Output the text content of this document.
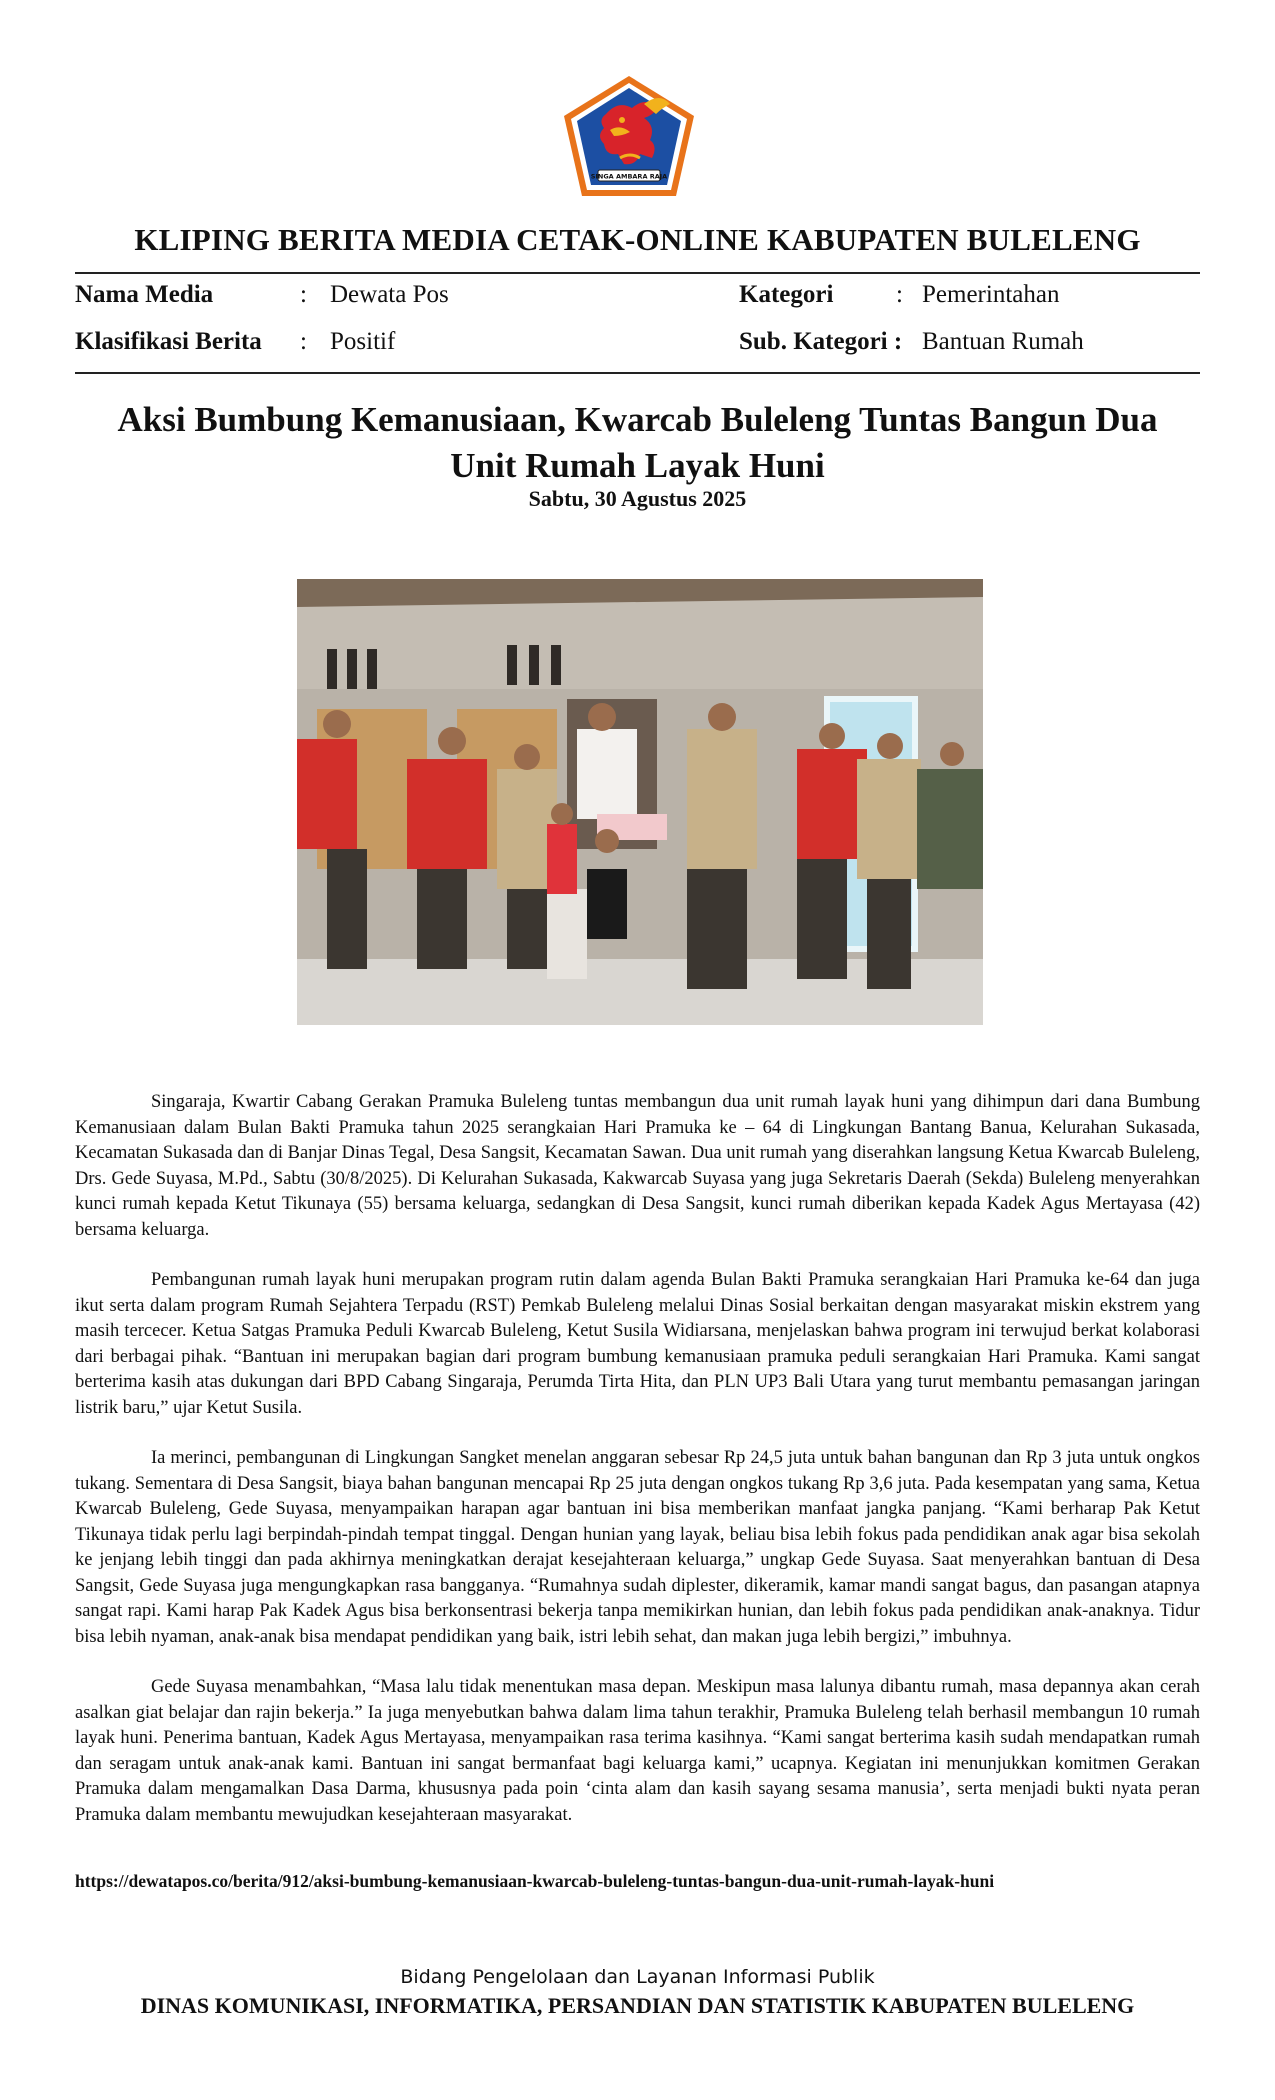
SINGA AMBARA RAJA
KLIPING BERITA MEDIA CETAK-ONLINE KABUPATEN BULELENG
Nama Media	: Dewata Pos
Klasifikasi Berita : Positif
Kategori	: Pemerintahan
Sub. Kategori : Bantuan Rumah
Aksi Bumbung Kemanusiaan, Kwarcab Buleleng Tuntas Bangun Dua Unit Rumah Layak Huni
Sabtu, 30 Agustus 2025

Singaraja, Kwartir Cabang Gerakan Pramuka Buleleng tuntas membangun dua unit rumah layak huni yang dihimpun dari dana Bumbung Kemanusiaan dalam Bulan Bakti Pramuka tahun 2025 serangkaian Hari Pramuka ke – 64 di Lingkungan Bantang Banua, Kelurahan Sukasada, Kecamatan Sukasada dan di Banjar Dinas Tegal, Desa Sangsit, Kecamatan Sawan. Dua unit rumah yang diserahkan langsung Ketua Kwarcab Buleleng, Drs. Gede Suyasa, M.Pd., Sabtu (30/8/2025). Di Kelurahan Sukasada, Kakwarcab Suyasa yang juga Sekretaris Daerah (Sekda) Buleleng menyerahkan kunci rumah kepada Ketut Tikunaya (55) bersama keluarga, sedangkan di Desa Sangsit, kunci rumah diberikan kepada Kadek Agus Mertayasa (42) bersama keluarga.

Pembangunan rumah layak huni merupakan program rutin dalam agenda Bulan Bakti Pramuka serangkaian Hari Pramuka ke-64 dan juga ikut serta dalam program Rumah Sejahtera Terpadu (RST) Pemkab Buleleng melalui Dinas Sosial berkaitan dengan masyarakat miskin ekstrem yang masih tercecer. Ketua Satgas Pramuka Peduli Kwarcab Buleleng, Ketut Susila Widiarsana, menjelaskan bahwa program ini terwujud berkat kolaborasi dari berbagai pihak. “Bantuan ini merupakan bagian dari program bumbung kemanusiaan pramuka peduli serangkaian Hari Pramuka. Kami sangat berterima kasih atas dukungan dari BPD Cabang Singaraja, Perumda Tirta Hita, dan PLN UP3 Bali Utara yang turut membantu pemasangan jaringan listrik baru,” ujar Ketut Susila.

Ia merinci, pembangunan di Lingkungan Sangket menelan anggaran sebesar Rp 24,5 juta untuk bahan bangunan dan Rp 3 juta untuk ongkos tukang. Sementara di Desa Sangsit, biaya bahan bangunan mencapai Rp 25 juta dengan ongkos tukang Rp 3,6 juta. Pada kesempatan yang sama, Ketua Kwarcab Buleleng, Gede Suyasa, menyampaikan harapan agar bantuan ini bisa memberikan manfaat jangka panjang. “Kami berharap Pak Ketut Tikunaya tidak perlu lagi berpindah-pindah tempat tinggal. Dengan hunian yang layak, beliau bisa lebih fokus pada pendidikan anak agar bisa sekolah ke jenjang lebih tinggi dan pada akhirnya meningkatkan derajat kesejahteraan keluarga,” ungkap Gede Suyasa. Saat menyerahkan bantuan di Desa Sangsit, Gede Suyasa juga mengungkapkan rasa bangganya. “Rumahnya sudah diplester, dikeramik, kamar mandi sangat bagus, dan pasangan atapnya sangat rapi. Kami harap Pak Kadek Agus bisa berkonsentrasi bekerja tanpa memikirkan hunian, dan lebih fokus pada pendidikan anak-anaknya. Tidur bisa lebih nyaman, anak-anak bisa mendapat pendidikan yang baik, istri lebih sehat, dan makan juga lebih bergizi,” imbuhnya.

Gede Suyasa menambahkan, “Masa lalu tidak menentukan masa depan. Meskipun masa lalunya dibantu rumah, masa depannya akan cerah asalkan giat belajar dan rajin bekerja.” Ia juga menyebutkan bahwa dalam lima tahun terakhir, Pramuka Buleleng telah berhasil membangun 10 rumah layak huni. Penerima bantuan, Kadek Agus Mertayasa, menyampaikan rasa terima kasihnya. “Kami sangat berterima kasih sudah mendapatkan rumah dan seragam untuk anak-anak kami. Bantuan ini sangat bermanfaat bagi keluarga kami,” ucapnya. Kegiatan ini menunjukkan komitmen Gerakan Pramuka dalam mengamalkan Dasa Darma, khususnya pada poin ‘cinta alam dan kasih sayang sesama manusia’, serta menjadi bukti nyata peran Pramuka dalam membantu mewujudkan kesejahteraan masyarakat.

https://dewatapos.co/berita/912/aksi-bumbung-kemanusiaan-kwarcab-buleleng-tuntas-bangun-dua-unit-rumah-layak-huni
Bidang Pengelolaan dan Layanan Informasi Publik
DINAS KOMUNIKASI, INFORMATIKA, PERSANDIAN DAN STATISTIK KABUPATEN BULELENG
